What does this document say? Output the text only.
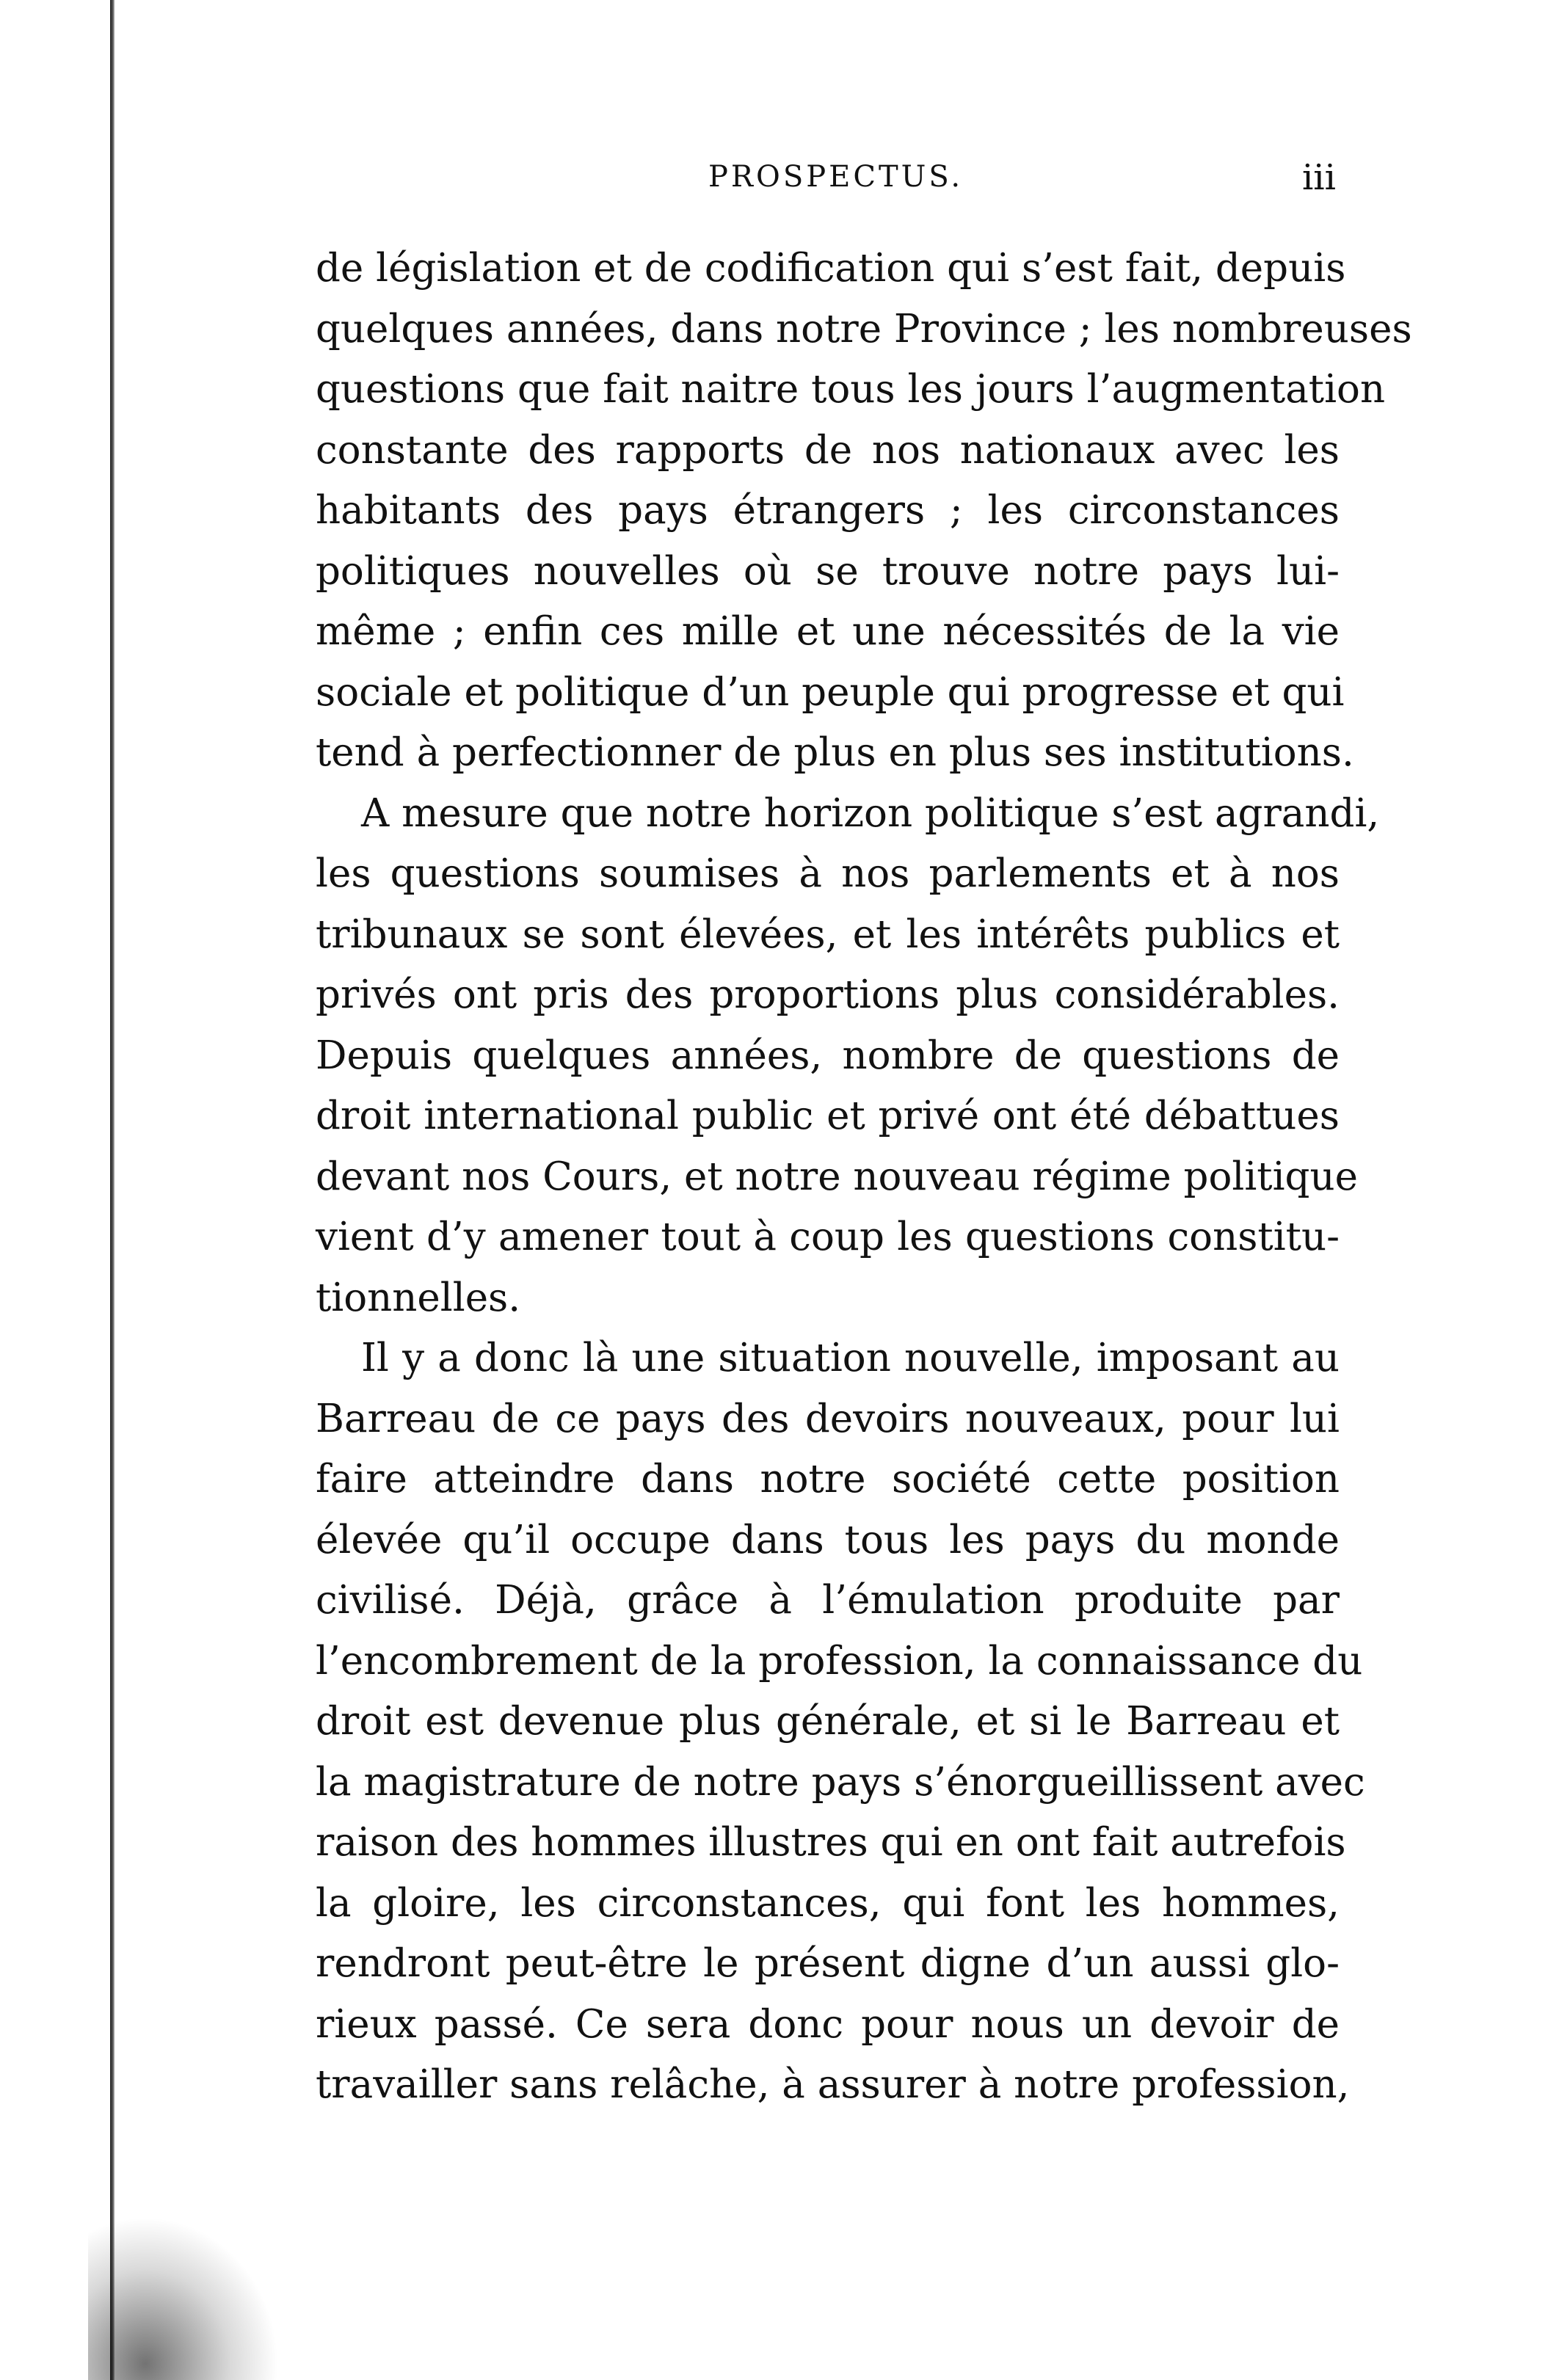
PROSPECTUS.	iii
de législation et de codification qui s’est fait, depuis
quelques années, dans notre Province ; les nombreuses
questions que fait naitre tous les jours l’augmentation
constante des rapports de nos nationaux avec les
habitants des pays étrangers ; les circonstances
politiques nouvelles où se trouve notre pays lui-
même ; enfin ces mille et une nécessités de la vie
sociale et politique d’un peuple qui progresse et qui
tend à perfectionner de plus en plus ses institutions.
A mesure que notre horizon politique s’est agrandi,
les questions soumises à nos parlements et à nos
tribunaux se sont élevées, et les intérêts publics et
privés ont pris des proportions plus considérables.
Depuis quelques années, nombre de questions de
droit international public et privé ont été débattues
devant nos Cours, et notre nouveau régime politique
vient d’y amener tout à coup les questions constitu-
tionnelles.
Il y a donc là une situation nouvelle, imposant au
Barreau de ce pays des devoirs nouveaux, pour lui
faire atteindre dans notre société cette position
élevée qu’il occupe dans tous les pays du monde
civilisé. Déjà, grâce à l’émulation produite par
l’encombrement de la profession, la connaissance du
droit est devenue plus générale, et si le Barreau et
la magistrature de notre pays s’énorgueillissent avec
raison des hommes illustres qui en ont fait autrefois
la gloire, les circonstances, qui font les hommes,
rendront peut-être le présent digne d’un aussi glo-
rieux passé. Ce sera donc pour nous un devoir de
travailler sans relâche, à assurer à notre profession,
